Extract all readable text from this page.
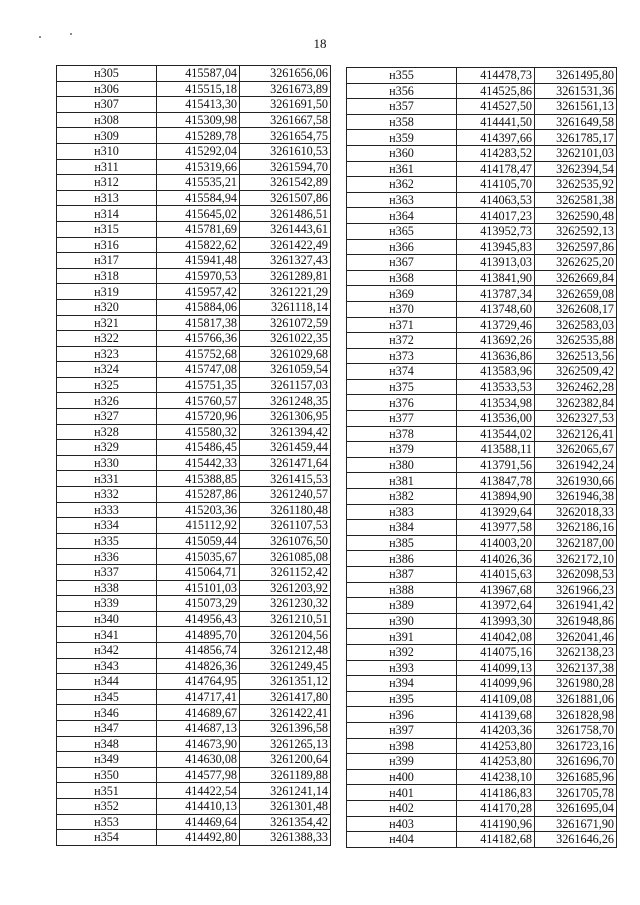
18
н305	415587,04	3261656,06
н306	415515,18	3261673,89
н307	415413,30	3261691,50
н308	415309,98	3261667,58
н309	415289,78	3261654,75
н310	415292,04	3261610,53
н311	415319,66	3261594,70
н312	415535,21	3261542,89
н313	415584,94	3261507,86
н314	415645,02	3261486,51
н315	415781,69	3261443,61
н316	415822,62	3261422,49
н317	415941,48	3261327,43
н318	415970,53	3261289,81
н319	415957,42	3261221,29
н320	415884,06	3261118,14
н321	415817,38	3261072,59
н322	415766,36	3261022,35
н323	415752,68	3261029,68
н324	415747,08	3261059,54
н325	415751,35	3261157,03
н326	415760,57	3261248,35
н327	415720,96	3261306,95
н328	415580,32	3261394,42
н329	415486,45	3261459,44
н330	415442,33	3261471,64
н331	415388,85	3261415,53
н332	415287,86	3261240,57
н333	415203,36	3261180,48
н334	415112,92	3261107,53
н335	415059,44	3261076,50
н336	415035,67	3261085,08
н337	415064,71	3261152,42
н338	415101,03	3261203,92
н339	415073,29	3261230,32
н340	414956,43	3261210,51
н341	414895,70	3261204,56
н342	414856,74	3261212,48
н343	414826,36	3261249,45
н344	414764,95	3261351,12
н345	414717,41	3261417,80
н346	414689,67	3261422,41
н347	414687,13	3261396,58
н348	414673,90	3261265,13
н349	414630,08	3261200,64
н350	414577,98	3261189,88
н351	414422,54	3261241,14
н352	414410,13	3261301,48
н353	414469,64	3261354,42
н354	414492,80	3261388,33
н355	414478,73	3261495,80
н356	414525,86	3261531,36
н357	414527,50	3261561,13
н358	414441,50	3261649,58
н359	414397,66	3261785,17
н360	414283,52	3262101,03
н361	414178,47	3262394,54
н362	414105,70	3262535,92
н363	414063,53	3262581,38
н364	414017,23	3262590,48
н365	413952,73	3262592,13
н366	413945,83	3262597,86
н367	413913,03	3262625,20
н368	413841,90	3262669,84
н369	413787,34	3262659,08
н370	413748,60	3262608,17
н371	413729,46	3262583,03
н372	413692,26	3262535,88
н373	413636,86	3262513,56
н374	413583,96	3262509,42
н375	413533,53	3262462,28
н376	413534,98	3262382,84
н377	413536,00	3262327,53
н378	413544,02	3262126,41
н379	413588,11	3262065,67
н380	413791,56	3261942,24
н381	413847,78	3261930,66
н382	413894,90	3261946,38
н383	413929,64	3262018,33
н384	413977,58	3262186,16
н385	414003,20	3262187,00
н386	414026,36	3262172,10
н387	414015,63	3262098,53
н388	413967,68	3261966,23
н389	413972,64	3261941,42
н390	413993,30	3261948,86
н391	414042,08	3262041,46
н392	414075,16	3262138,23
н393	414099,13	3262137,38
н394	414099,96	3261980,28
н395	414109,08	3261881,06
н396	414139,68	3261828,98
н397	414203,36	3261758,70
н398	414253,80	3261723,16
н399	414253,80	3261696,70
н400	414238,10	3261685,96
н401	414186,83	3261705,78
н402	414170,28	3261695,04
н403	414190,96	3261671,90
н404	414182,68	3261646,26
